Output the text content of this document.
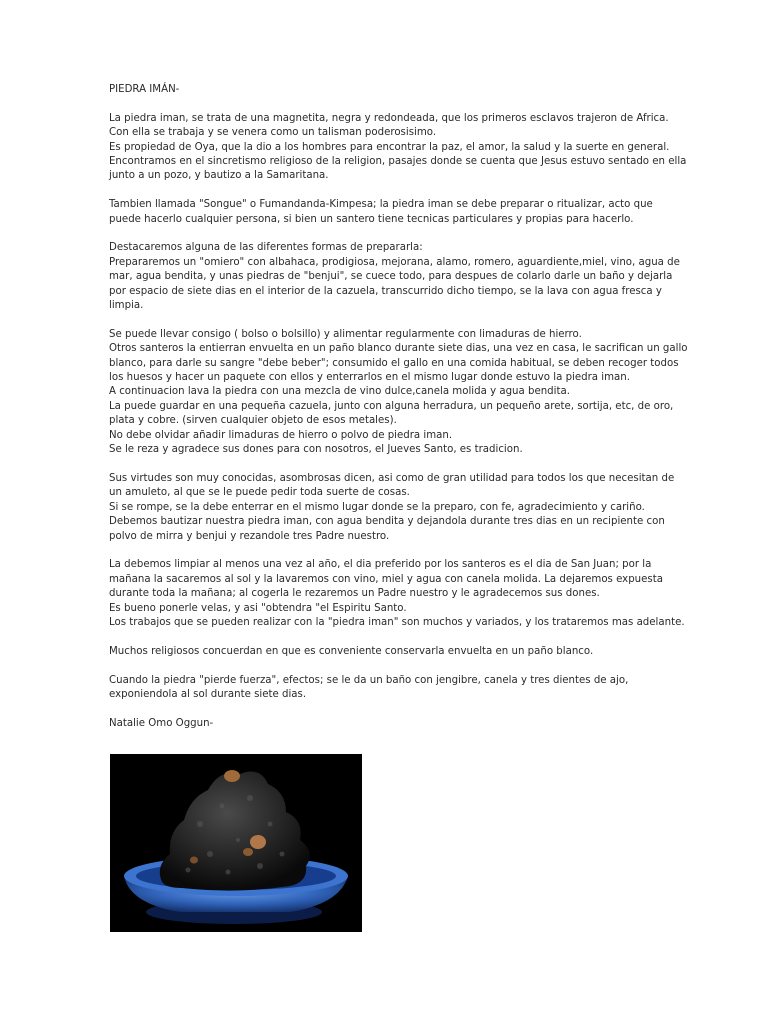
PIEDRA IMÁN-
La piedra iman, se trata de una magnetita, negra y redondeada, que los primeros esclavos trajeron de Africa.
Con ella se trabaja y se venera como un talisman poderosisimo.
Es propiedad de Oya, que la dio a los hombres para encontrar la paz, el amor, la salud y la suerte en general.
Encontramos en el sincretismo religioso de la religion, pasajes donde se cuenta que Jesus estuvo sentado en ella
junto a un pozo, y bautizo a la Samaritana.
Tambien llamada "Songue" o Fumandanda-Kimpesa; la piedra iman se debe preparar o ritualizar, acto que
puede hacerlo cualquier persona, si bien un santero tiene tecnicas particulares y propias para hacerlo.
Destacaremos alguna de las diferentes formas de prepararla:
Prepararemos un "omiero" con albahaca, prodigiosa, mejorana, alamo, romero, aguardiente,miel, vino, agua de
mar, agua bendita, y unas piedras de "benjui", se cuece todo, para despues de colarlo darle un baño y dejarla
por espacio de siete dias en el interior de la cazuela, transcurrido dicho tiempo, se la lava con agua fresca y
limpia.
Se puede llevar consigo ( bolso o bolsillo) y alimentar regularmente con limaduras de hierro.
Otros santeros la entierran envuelta en un paño blanco durante siete dias, una vez en casa, le sacrifican un gallo
blanco, para darle su sangre "debe beber"; consumido el gallo en una comida habitual, se deben recoger todos
los huesos y hacer un paquete con ellos y enterrarlos en el mismo lugar donde estuvo la piedra iman.
A continuacion lava la piedra con una mezcla de vino dulce,canela molida y agua bendita.
La puede guardar en una pequeña cazuela, junto con alguna herradura, un pequeño arete, sortija, etc, de oro,
plata y cobre. (sirven cualquier objeto de esos metales).
No debe olvidar añadir limaduras de hierro o polvo de piedra iman.
Se le reza y agradece sus dones para con nosotros, el Jueves Santo, es tradicion.
Sus virtudes son muy conocidas, asombrosas dicen, asi como de gran utilidad para todos los que necesitan de
un amuleto, al que se le puede pedir toda suerte de cosas.
Si se rompe, se la debe enterrar en el mismo lugar donde se la preparo, con fe, agradecimiento y cariño.
Debemos bautizar nuestra piedra iman, con agua bendita y dejandola durante tres dias en un recipiente con
polvo de mirra y benjui y rezandole tres Padre nuestro.
La debemos limpiar al menos una vez al año, el dia preferido por los santeros es el dia de San Juan; por la
mañana la sacaremos al sol y la lavaremos con vino, miel y agua con canela molida. La dejaremos expuesta
durante toda la mañana; al cogerla le rezaremos un Padre nuestro y le agradecemos sus dones.
Es bueno ponerle velas, y asi "obtendra "el Espiritu Santo.
Los trabajos que se pueden realizar con la "piedra iman" son muchos y variados, y los trataremos mas adelante.
Muchos religiosos concuerdan en que es conveniente conservarla envuelta en un paño blanco.
Cuando la piedra "pierde fuerza", efectos; se le da un baño con jengibre, canela y tres dientes de ajo,
exponiendola al sol durante siete dias.
Natalie Omo Oggun-
